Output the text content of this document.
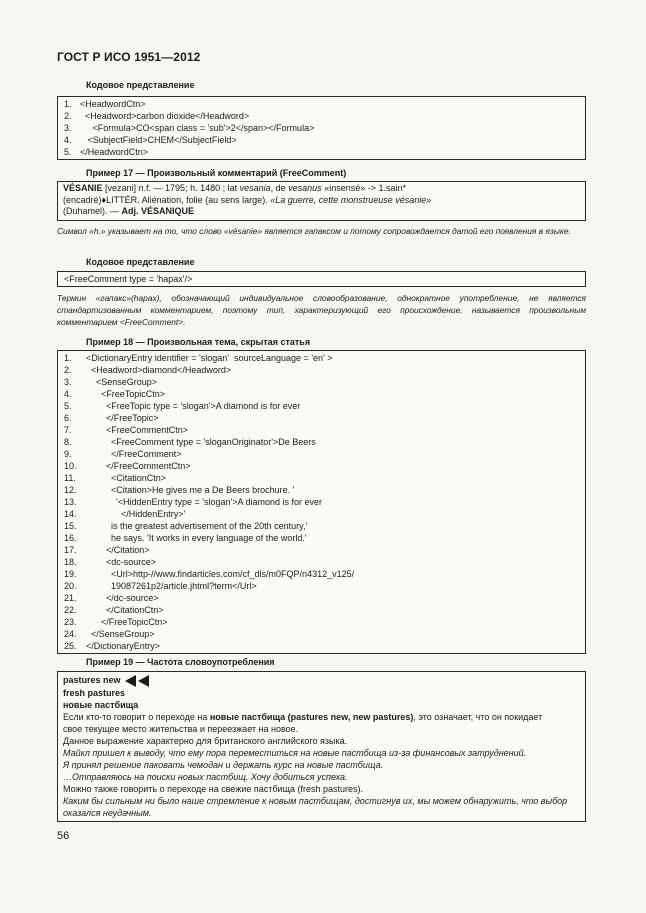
ГОСТ Р ИСО 1951—2012
Кодовое представление
1. <HeadwordCtn>
2.
	<Headword>carbon dioxide</Headword>
3.
	<Formula>CO<span class = 'sub'>2</span></Formula>
4.
	<SubjectField>CHEM</SubjectField>
5. </HeadwordCtn>
Пример 17 — Произвольный комментарий (FreeComment)
VÉSANIE [vezani] n.f. — 1795; h. 1480 ; lat vesania, de vesanus «insensé» -> 1.sain*
(encadré)♦LITTÉR. Aliénation, folie (au sens large). «La guerre, cette monstrueuse vésanie»
(Duhamel). — Adj. VÉSANIQUE
Символ «h.» указывает на то, что слово «vésanie» является гапаксом и потому сопровождается датой его появления в языке.
Кодовое представление
<FreeComment type = 'hapax'/>
Термин «гапакс»(hapax), обозначающий индивидуальное словообразование, однократное употребление, не является стандартизованным комментарием, поэтому тип, характеризующий его происхождение, называется произвольным комментарием <FreeComment>.
Пример 18 — Произвольная тема, скрытая статья
1.	<DictionaryEntry identifier = 'slogan'  sourceLanguage = 'en' >
2.	<Headword>diamond</Headword>
3.	<SenseGroup>
4.	<FreeTopicCtn>
5.	<FreeTopic type = 'slogan'>A diamond is for ever
6.	</FreeTopic>
7.	<FreeCommentCtn>
8.	<FreeComment type = 'sloganOriginator'>De Beers
9.	</FreeComment>
10.	</FreeCommentCtn>
11.	<CitationCtn>
12.	<Citation>He gives me a De Beers brochure. '
13.	'<HiddenEntry type = 'slogan'>A diamond is for ever
14.	</HiddenEntry>'
15.	is the greatest advertisement of the 20th century,'
16.	he says. 'It works in every language of the world.'
17.	</Citation>
18.	<dc-source>
19.	<Url>http-//www.findarticles.com/cf_dls/m0FQP/n4312_v125/
20.	19087261p2/article.jhtml?term</Url>
21.	</dc-source>
22.	</CitationCtn>
23.	</FreeTopicCtn>
24.	</SenseGroup>
25.	</DictionaryEntry>
Пример 19 — Частота словоупотребления
pastures new
fresh pastures
новые пастбища
Если кто-то говорит о переходе на новые пастбища (pastures new, new pastures), это означает, что он покидает
свое текущее место жительства и переезжает на новое.
Данное выражение характерно для британского английского языка.
Майкл пришел к выводу, что ему пора переместиться на новые пастбища из-за финансовых затруднений.
Я принял решение паковать чемодан и держать курс на новые пастбища.
…Отправляюсь на поиски новых пастбищ. Хочу добиться успеха.
Можно также говорить о переходе на свежие пастбища (fresh pastures).
Каким бы сильным ни было наше стремление к новым пастбищам, достигнув их, мы можем обнаружить, что выбор оказался неудачным.
56
